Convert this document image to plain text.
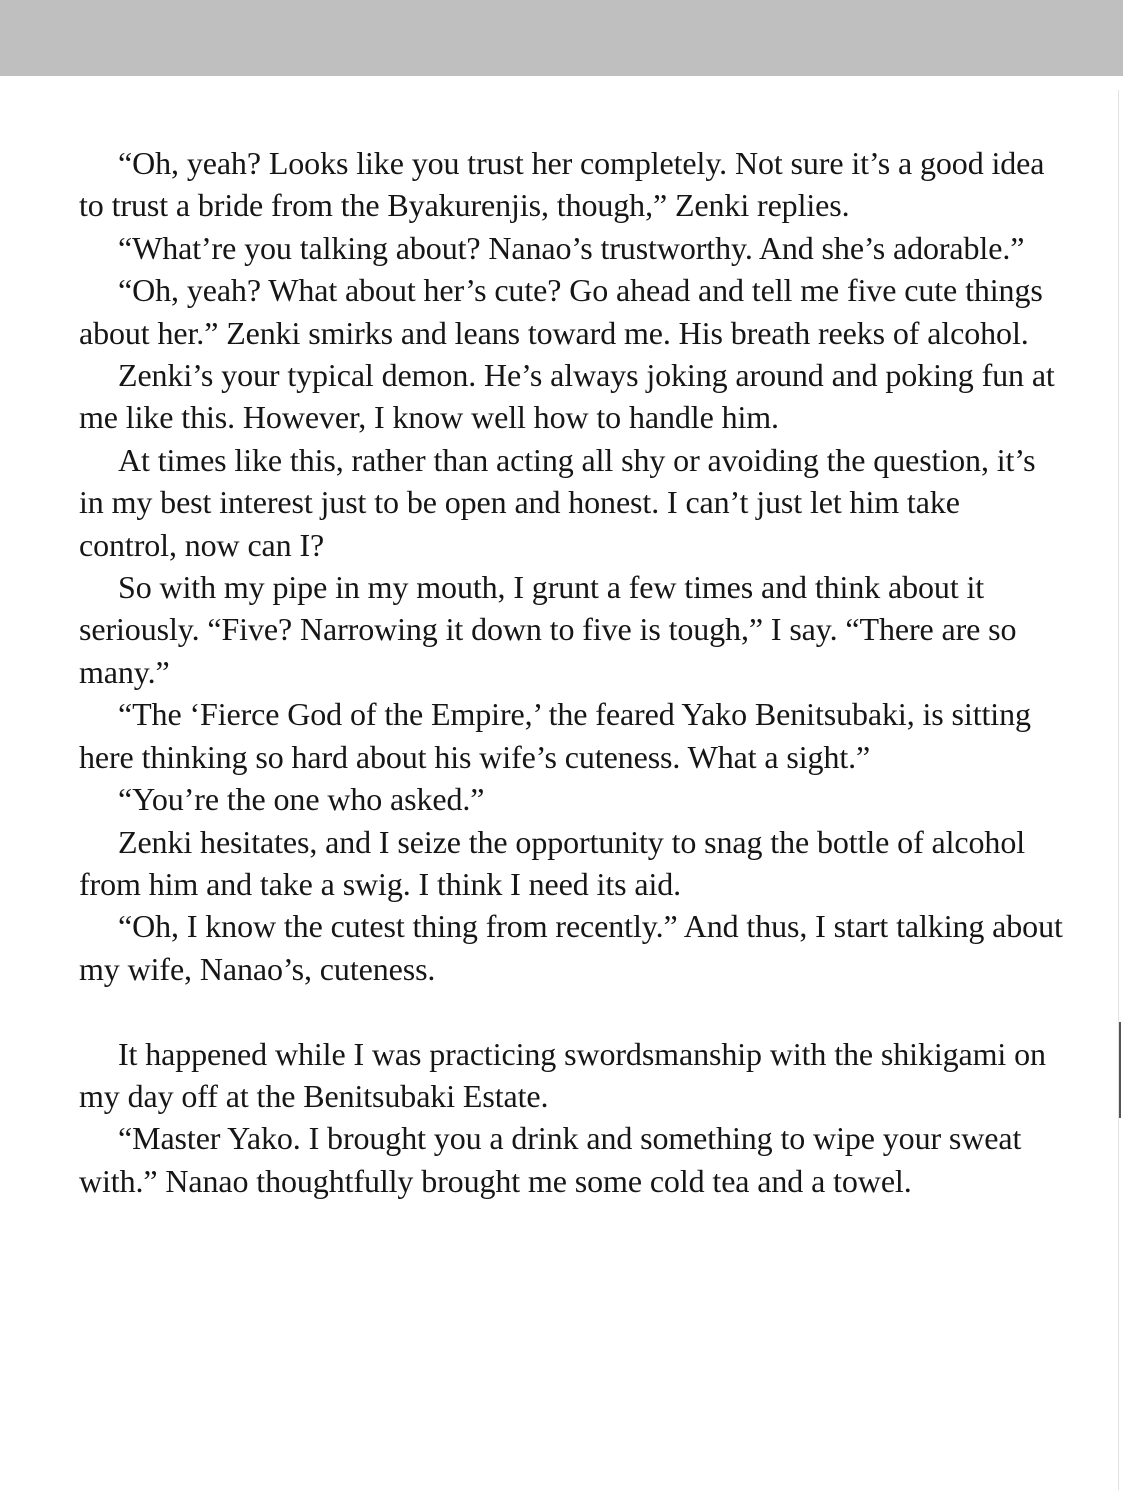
“Oh, yeah? Looks like you trust her completely. Not sure it’s a good idea to trust a bride from the Byakurenjis, though,” Zenki replies.

“What’re you talking about? Nanao’s trustworthy. And she’s adorable.”

“Oh, yeah? What about her’s cute? Go ahead and tell me five cute things about her.” Zenki smirks and leans toward me. His breath reeks of alcohol.

Zenki’s your typical demon. He’s always joking around and poking fun at me like this. However, I know well how to handle him.

At times like this, rather than acting all shy or avoiding the question, it’s in my best interest just to be open and honest. I can’t just let him take control, now can I?

So with my pipe in my mouth, I grunt a few times and think about it seriously. “Five? Narrowing it down to five is tough,” I say. “There are so many.”

“The ‘Fierce God of the Empire,’ the feared Yako Benitsubaki, is sitting here thinking so hard about his wife’s cuteness. What a sight.”

“You’re the one who asked.”

Zenki hesitates, and I seize the opportunity to snag the bottle of alcohol from him and take a swig. I think I need its aid.

“Oh, I know the cutest thing from recently.” And thus, I start talking about my wife, Nanao’s, cuteness.

It happened while I was practicing swordsmanship with the shikigami on my day off at the Benitsubaki Estate.

“Master Yako. I brought you a drink and something to wipe your sweat with.” Nanao thoughtfully brought me some cold tea and a towel.
